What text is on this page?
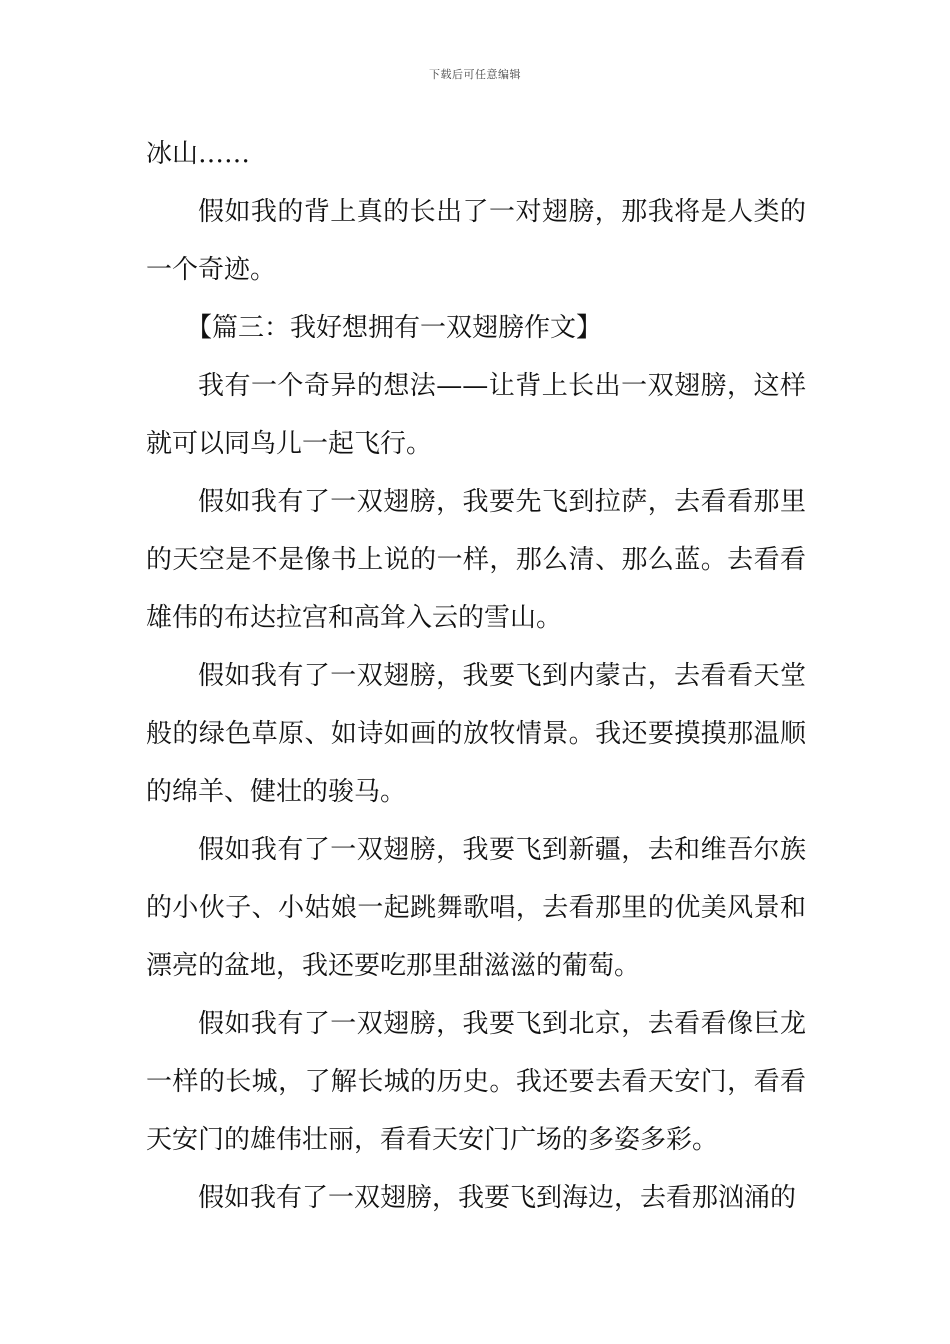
下载后可任意编辑

冰山……

假如我的背上真的长出了一对翅膀，那我将是人类的一个奇迹。

【篇三：我好想拥有一双翅膀作文】

我有一个奇异的想法——让背上长出一双翅膀，这样就可以同鸟儿一起飞行。

假如我有了一双翅膀，我要先飞到拉萨，去看看那里的天空是不是像书上说的一样，那么清、那么蓝。去看看雄伟的布达拉宫和高耸入云的雪山。

假如我有了一双翅膀，我要飞到内蒙古，去看看天堂般的绿色草原、如诗如画的放牧情景。我还要摸摸那温顺的绵羊、健壮的骏马。

假如我有了一双翅膀，我要飞到新疆，去和维吾尔族的小伙子、小姑娘一起跳舞歌唱，去看那里的优美风景和漂亮的盆地，我还要吃那里甜滋滋的葡萄。

假如我有了一双翅膀，我要飞到北京，去看看像巨龙一样的长城，了解长城的历史。我还要去看天安门，看看天安门的雄伟壮丽，看看天安门广场的多姿多彩。

假如我有了一双翅膀，我要飞到海边，去看那汹涌的
